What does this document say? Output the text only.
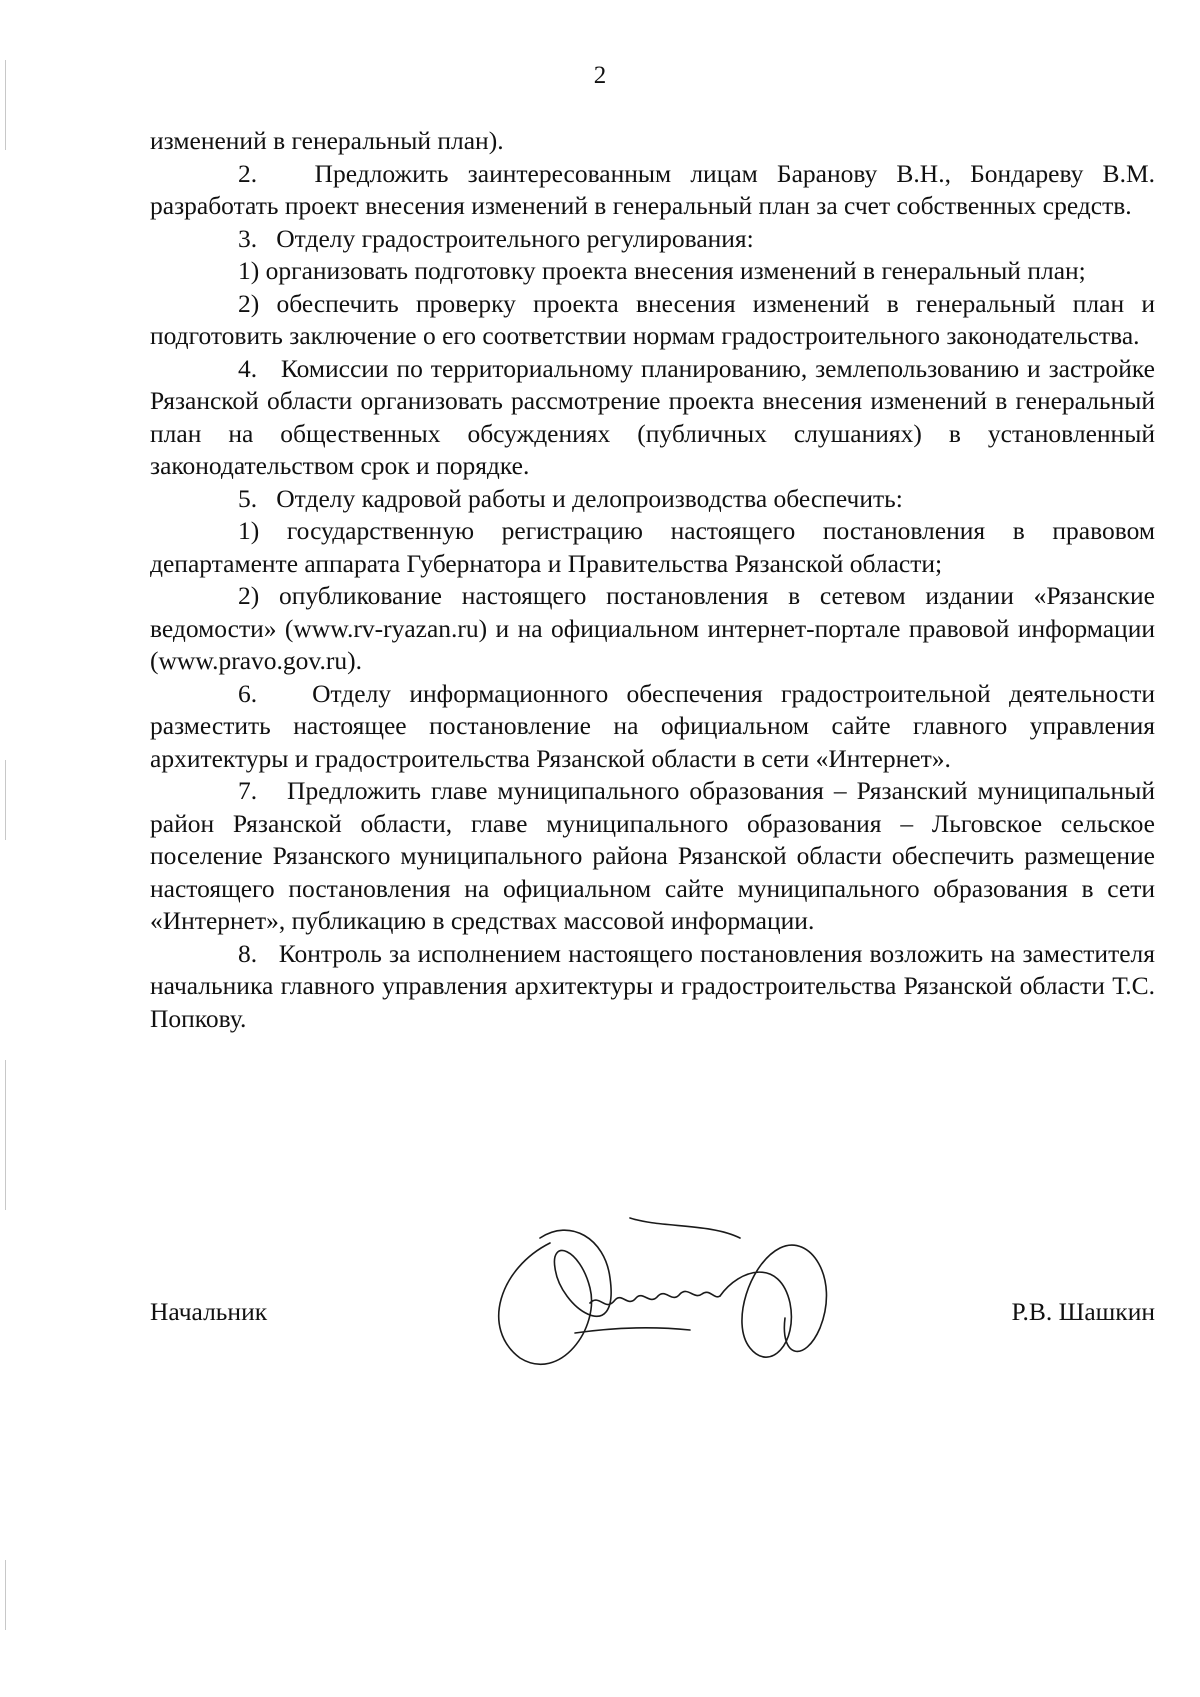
2

изменений в генеральный план).

2.   Предложить заинтересованным лицам Баранову В.Н., Бондареву В.М. разработать проект внесения изменений в генеральный план за счет собственных средств.

3.   Отделу градостроительного регулирования:

1) организовать подготовку проекта внесения изменений в генеральный план;

2) обеспечить проверку проекта внесения изменений в генеральный план и подготовить заключение о его соответствии нормам градостроительного законодательства.

4.   Комиссии по территориальному планированию, землепользованию и застройке Рязанской области организовать рассмотрение проекта внесения изменений в генеральный план на общественных обсуждениях (публичных слушаниях) в установленный законодательством срок и порядке.

5.   Отделу кадровой работы и делопроизводства обеспечить:

1) государственную регистрацию настоящего постановления в правовом департаменте аппарата Губернатора и Правительства Рязанской области;

2) опубликование настоящего постановления в сетевом издании «Рязанские ведомости» (www.rv-ryazan.ru) и на официальном интернет-портале правовой информации (www.pravo.gov.ru).

6.   Отделу информационного обеспечения градостроительной деятельности разместить настоящее постановление на официальном сайте главного управления архитектуры и градостроительства Рязанской области в сети «Интернет».

7.   Предложить главе муниципального образования – Рязанский муниципальный район Рязанской области, главе муниципального образования – Льговское сельское поселение Рязанского муниципального района Рязанской области обеспечить размещение настоящего постановления на официальном сайте муниципального образования в сети «Интернет», публикацию в средствах массовой информации.

8.   Контроль за исполнением настоящего постановления возложить на заместителя начальника главного управления архитектуры и градостроительства Рязанской области Т.С. Попкову.

Начальник	Р.В. Шашкин
